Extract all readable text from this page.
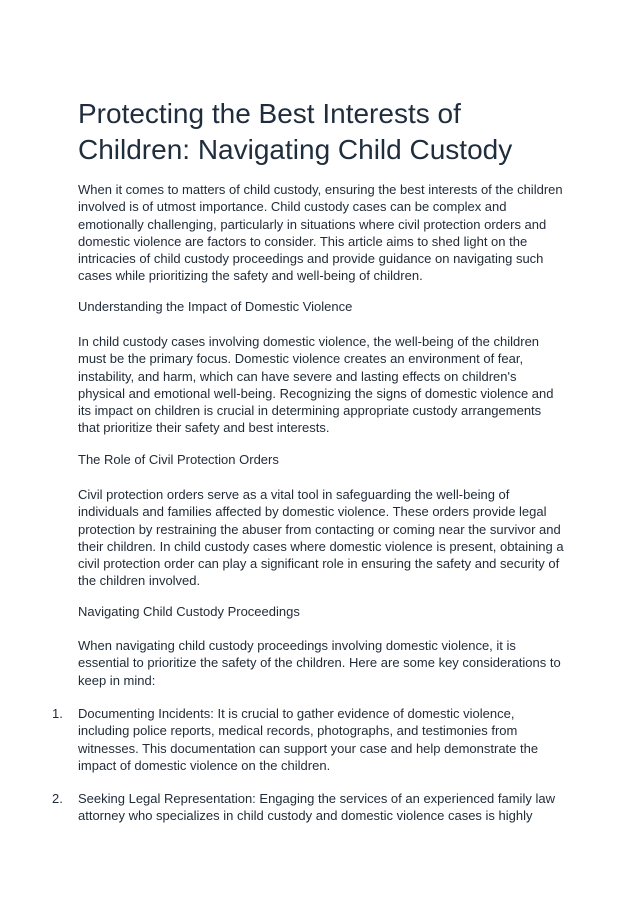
Protecting the Best Interests of Children: Navigating Child Custody

When it comes to matters of child custody, ensuring the best interests of the children involved is of utmost importance. Child custody cases can be complex and emotionally challenging, particularly in situations where civil protection orders and domestic violence are factors to consider. This article aims to shed light on the intricacies of child custody proceedings and provide guidance on navigating such cases while prioritizing the safety and well-being of children.

Understanding the Impact of Domestic Violence

In child custody cases involving domestic violence, the well-being of the children must be the primary focus. Domestic violence creates an environment of fear, instability, and harm, which can have severe and lasting effects on children's physical and emotional well-being. Recognizing the signs of domestic violence and its impact on children is crucial in determining appropriate custody arrangements that prioritize their safety and best interests.

The Role of Civil Protection Orders

Civil protection orders serve as a vital tool in safeguarding the well-being of individuals and families affected by domestic violence. These orders provide legal protection by restraining the abuser from contacting or coming near the survivor and their children. In child custody cases where domestic violence is present, obtaining a civil protection order can play a significant role in ensuring the safety and security of the children involved.

Navigating Child Custody Proceedings

When navigating child custody proceedings involving domestic violence, it is essential to prioritize the safety of the children. Here are some key considerations to keep in mind:

1.	Documenting Incidents: It is crucial to gather evidence of domestic violence, including police reports, medical records, photographs, and testimonies from witnesses. This documentation can support your case and help demonstrate the impact of domestic violence on the children.
2.	Seeking Legal Representation: Engaging the services of an experienced family law attorney who specializes in child custody and domestic violence cases is highly
